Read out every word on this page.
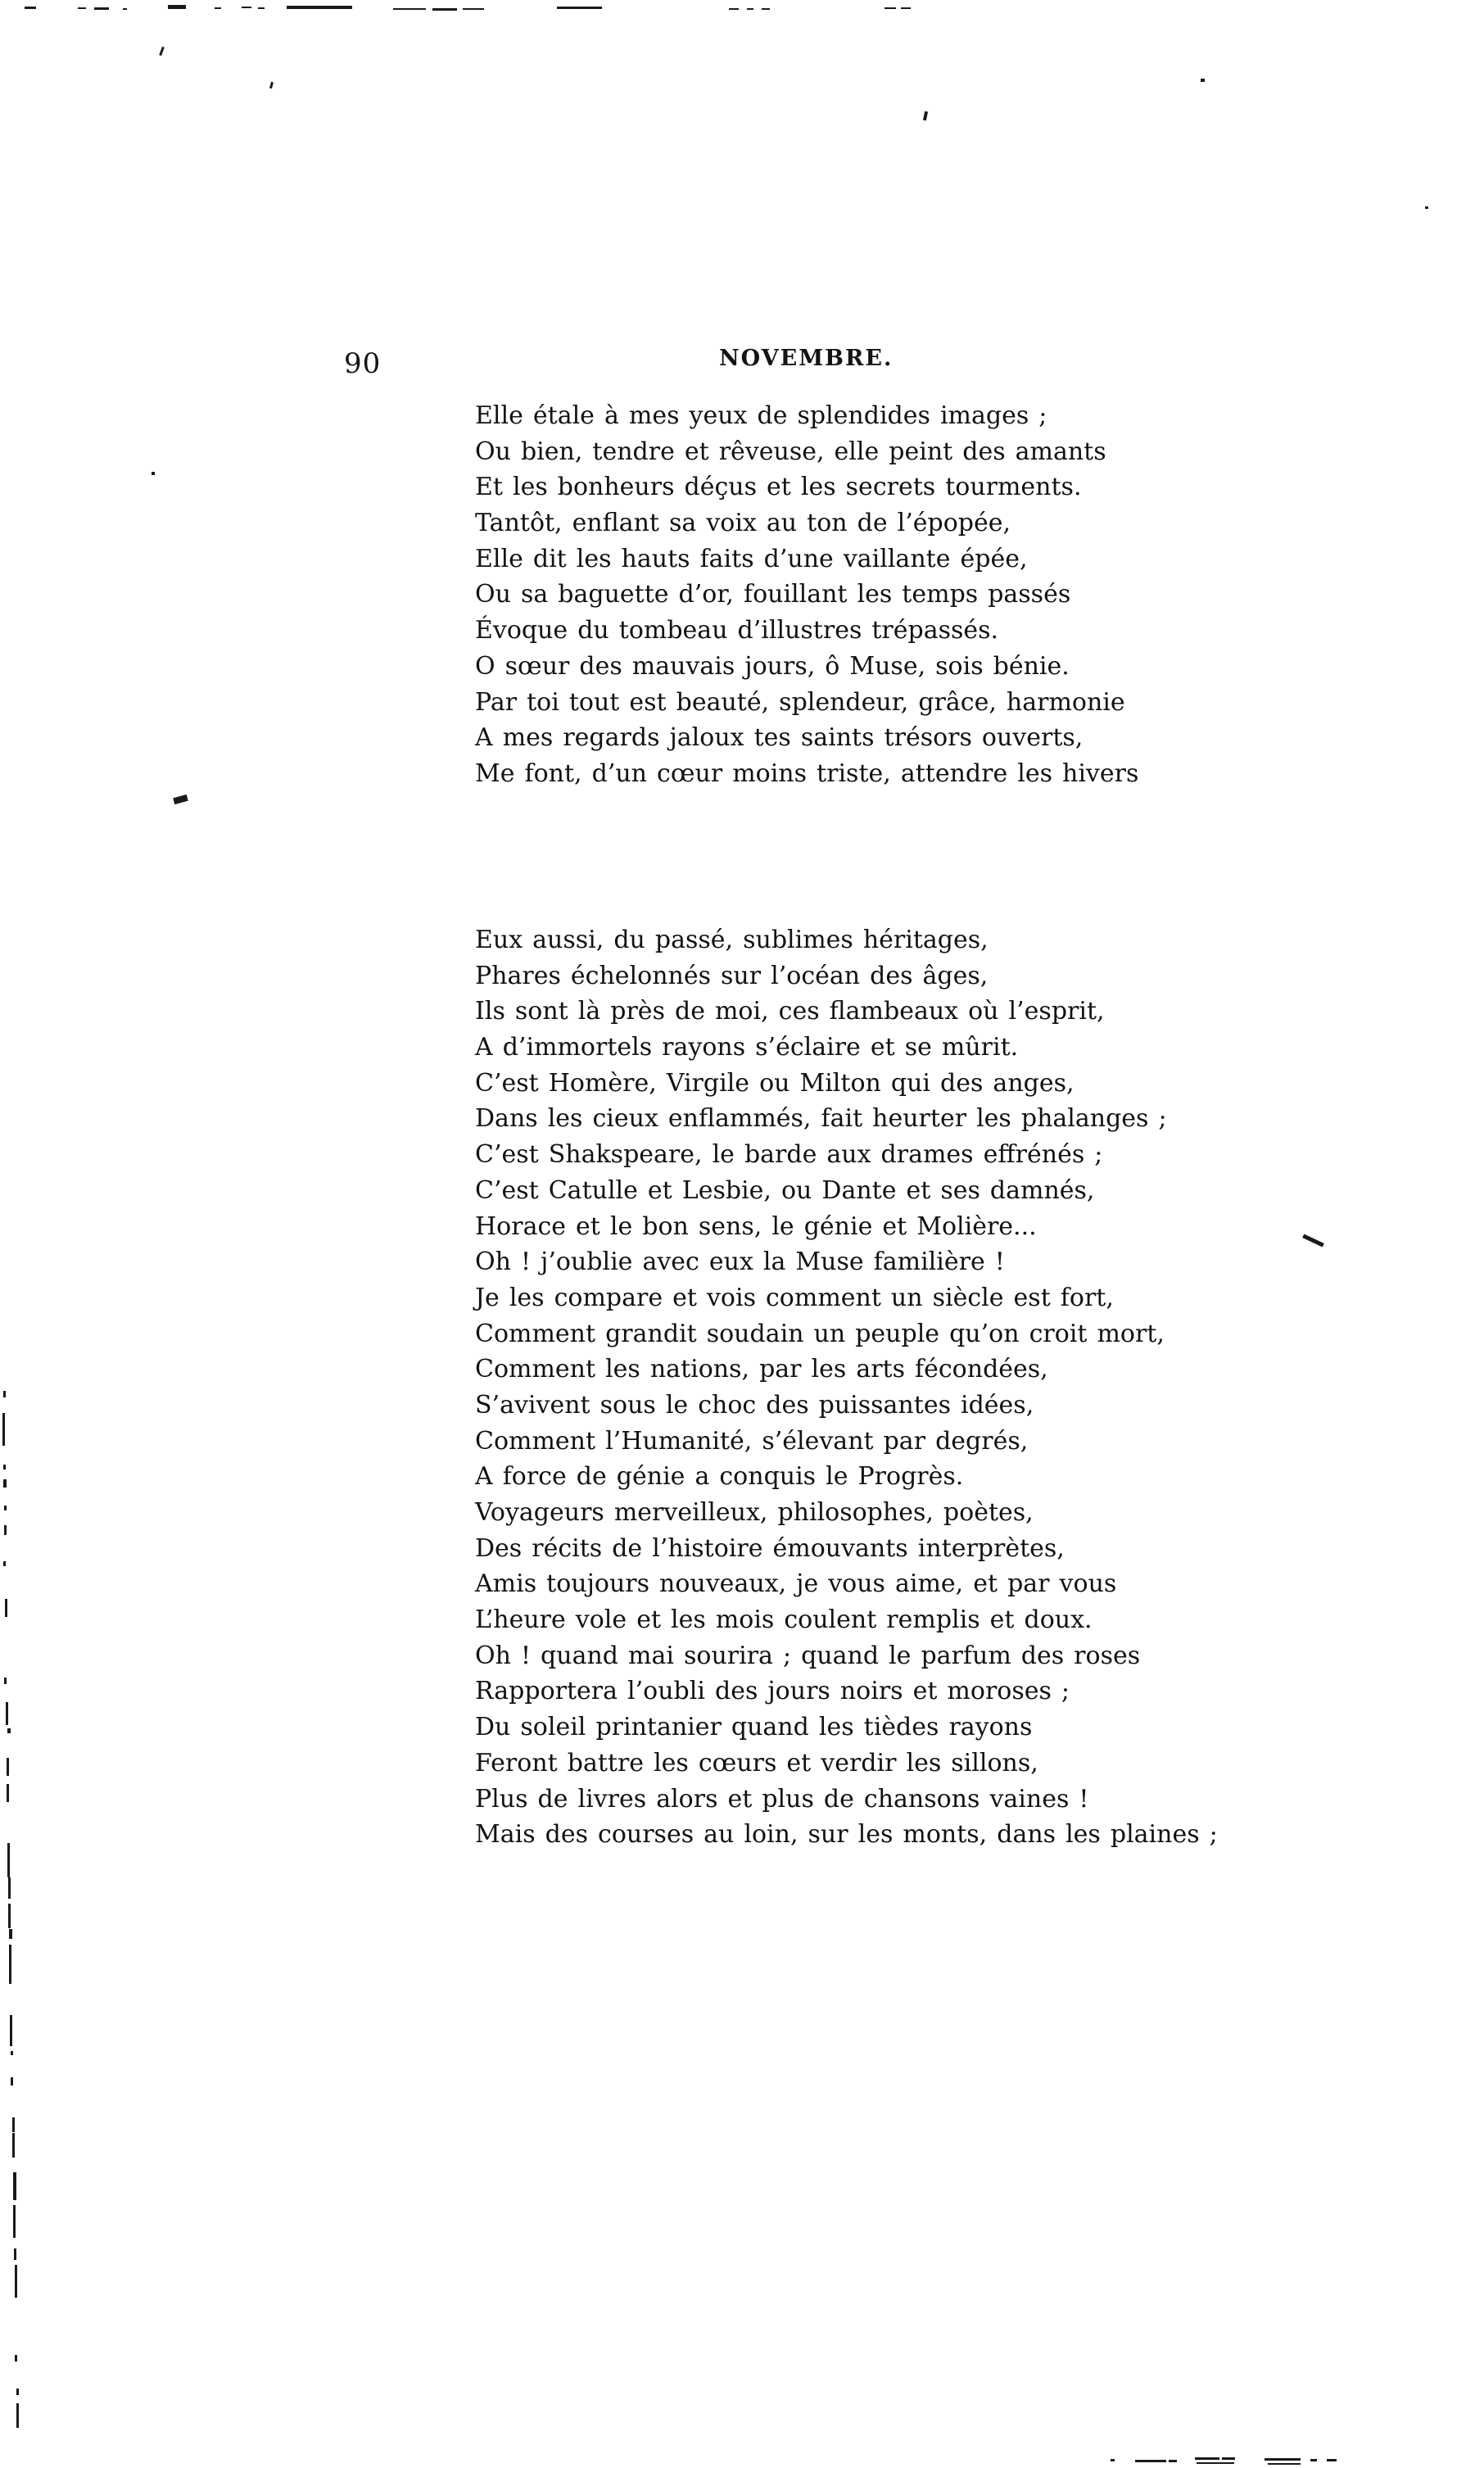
90	NOVEMBRE.
Elle étale à mes yeux de splendides images ;
Ou bien, tendre et rêveuse, elle peint des amants
Et les bonheurs déçus et les secrets tourments.
Tantôt, enflant sa voix au ton de l’épopée,
Elle dit les hauts faits d’une vaillante épée,
Ou sa baguette d’or, fouillant les temps passés
Évoque du tombeau d’illustres trépassés.
O sœur des mauvais jours, ô Muse, sois bénie.
Par toi tout est beauté, splendeur, grâce, harmonie
A mes regards jaloux tes saints trésors ouverts,
Me font, d’un cœur moins triste, attendre les hivers
Eux aussi, du passé, sublimes héritages,
Phares échelonnés sur l’océan des âges,
Ils sont là près de moi, ces flambeaux où l’esprit,
A d’immortels rayons s’éclaire et se mûrit.
C’est Homère, Virgile ou Milton qui des anges,
Dans les cieux enflammés, fait heurter les phalanges ;
C’est Shakspeare, le barde aux drames effrénés ;
C’est Catulle et Lesbie, ou Dante et ses damnés,
Horace et le bon sens, le génie et Molière...
Oh ! j’oublie avec eux la Muse familière !
Je les compare et vois comment un siècle est fort,
Comment grandit soudain un peuple qu’on croit mort,
Comment les nations, par les arts fécondées,
S’avivent sous le choc des puissantes idées,
Comment l’Humanité, s’élevant par degrés,
A force de génie a conquis le Progrès.
Voyageurs merveilleux, philosophes, poètes,
Des récits de l’histoire émouvants interprètes,
Amis toujours nouveaux, je vous aime, et par vous
L’heure vole et les mois coulent remplis et doux.
Oh ! quand mai sourira ; quand le parfum des roses
Rapportera l’oubli des jours noirs et moroses ;
Du soleil printanier quand les tièdes rayons
Feront battre les cœurs et verdir les sillons,
Plus de livres alors et plus de chansons vaines !
Mais des courses au loin, sur les monts, dans les plaines ;
